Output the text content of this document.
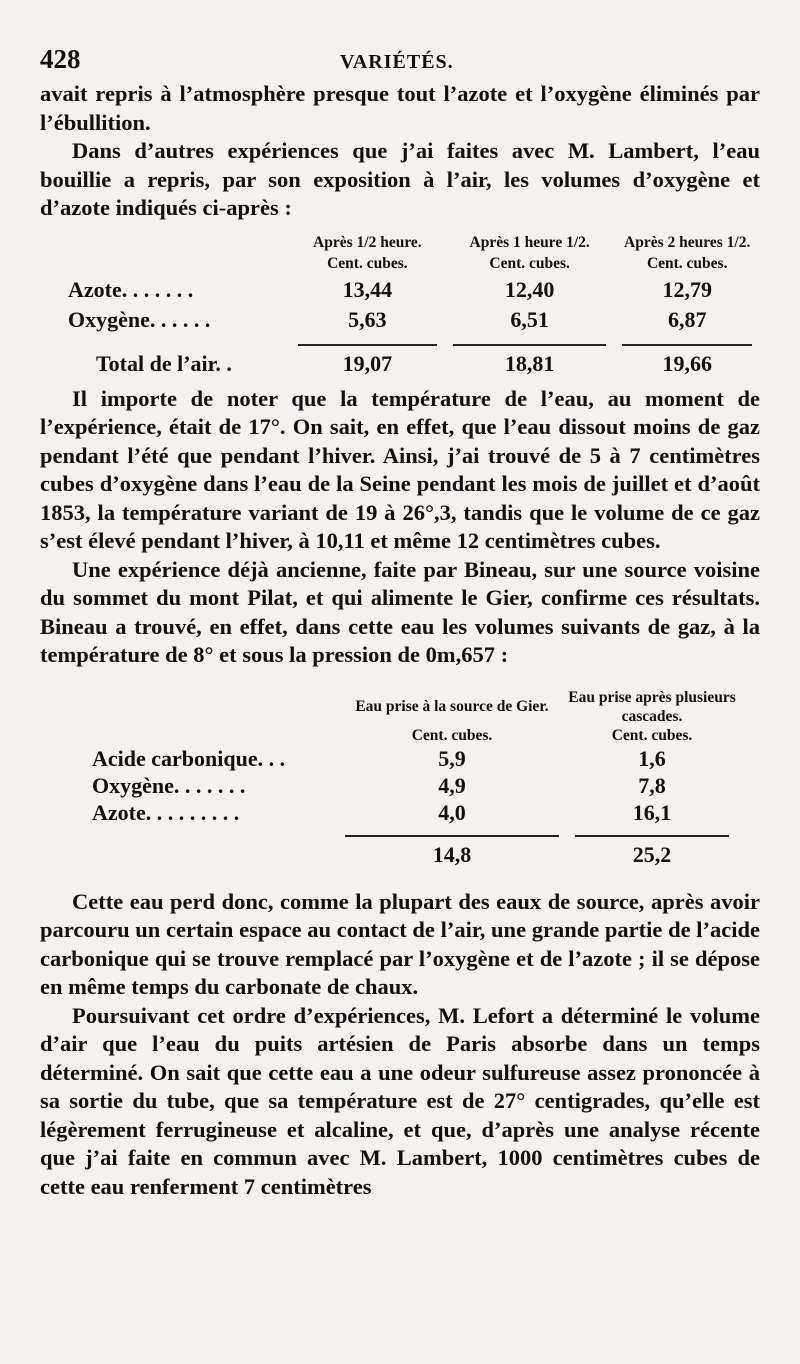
428	VARIÉTÉS.

avait repris à l’atmosphère presque tout l’azote et l’oxygène éliminés par l’ébullition.

Dans d’autres expériences que j’ai faites avec M. Lambert, l’eau bouillie a repris, par son exposition à l’air, les volumes d’oxygène et d’azote indiqués ci-après :

	Après 1/2 heure.	Après 1 heure 1/2.	Après 2 heures 1/2.
	Cent. cubes.	Cent. cubes.	Cent. cubes.
Azote. . . . . . .	13,44	12,40	12,79
Oxygène. . . . . .	5,63	6,51	6,87

Total de l’air. .	19,07	18,81	19,66

Il importe de noter que la température de l’eau, au moment de l’expérience, était de 17°. On sait, en effet, que l’eau dissout moins de gaz pendant l’été que pendant l’hiver. Ainsi, j’ai trouvé de 5 à 7 centimètres cubes d’oxygène dans l’eau de la Seine pendant les mois de juillet et d’août 1853, la température variant de 19 à 26°,3, tandis que le volume de ce gaz s’est élevé pendant l’hiver, à 10,11 et même 12 centimètres cubes.

Une expérience déjà ancienne, faite par Bineau, sur une source voisine du sommet du mont Pilat, et qui alimente le Gier, confirme ces résultats. Bineau a trouvé, en effet, dans cette eau les volumes suivants de gaz, à la température de 8° et sous la pression de 0m,657 :

	Eau prise à la source de Gier.	Eau prise après plusieurs cascades.
	Cent. cubes.	Cent. cubes.
Acide carbonique. . .	5,9	1,6
Oxygène. . . . . . .	4,9	7,8
Azote. . . . . . . . .	4,0	16,1

	14,8	25,2

Cette eau perd donc, comme la plupart des eaux de source, après avoir parcouru un certain espace au contact de l’air, une grande partie de l’acide carbonique qui se trouve remplacé par l’oxygène et de l’azote ; il se dépose en même temps du carbonate de chaux.

Poursuivant cet ordre d’expériences, M. Lefort a déterminé le volume d’air que l’eau du puits artésien de Paris absorbe dans un temps déterminé. On sait que cette eau a une odeur sulfureuse assez prononcée à sa sortie du tube, que sa température est de 27° centigrades, qu’elle est légèrement ferrugineuse et alcaline, et que, d’après une analyse récente que j’ai faite en commun avec M. Lambert, 1000 centimètres cubes de cette eau renferment 7 centimètres
